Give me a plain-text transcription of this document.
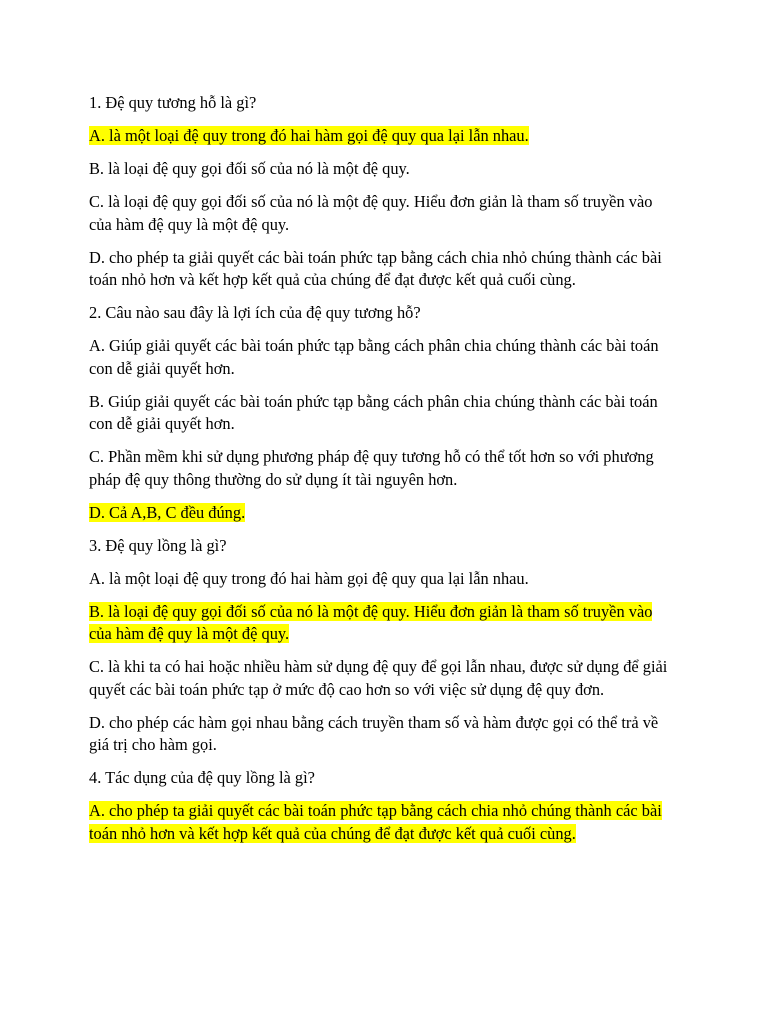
1. Đệ quy tương hỗ là gì?

A. là một loại đệ quy trong đó hai hàm gọi đệ quy qua lại lẫn nhau.

B. là loại đệ quy gọi đối số của nó là một đệ quy.

C. là loại đệ quy gọi đối số của nó là một đệ quy. Hiểu đơn giản là tham số truyền vào của hàm đệ quy là một đệ quy.

D. cho phép ta giải quyết các bài toán phức tạp bằng cách chia nhỏ chúng thành các bài toán nhỏ hơn và kết hợp kết quả của chúng để đạt được kết quả cuối cùng.

2. Câu nào sau đây là lợi ích của đệ quy tương hỗ?

A. Giúp giải quyết các bài toán phức tạp bằng cách phân chia chúng thành các bài toán con dễ giải quyết hơn.

B. Giúp giải quyết các bài toán phức tạp bằng cách phân chia chúng thành các bài toán con dễ giải quyết hơn.

C. Phần mềm khi sử dụng phương pháp đệ quy tương hỗ có thể tốt hơn so với phương pháp đệ quy thông thường do sử dụng ít tài nguyên hơn.

D. Cả A,B, C đều đúng.

3. Đệ quy lồng là gì?

A. là một loại đệ quy trong đó hai hàm gọi đệ quy qua lại lẫn nhau.

B. là loại đệ quy gọi đối số của nó là một đệ quy. Hiểu đơn giản là tham số truyền vào của hàm đệ quy là một đệ quy.

C. là khi ta có hai hoặc nhiều hàm sử dụng đệ quy để gọi lẫn nhau, được sử dụng để giải quyết các bài toán phức tạp ở mức độ cao hơn so với việc sử dụng đệ quy đơn.

D. cho phép các hàm gọi nhau bằng cách truyền tham số và hàm được gọi có thể trả về giá trị cho hàm gọi.

4. Tác dụng của đệ quy lồng là gì?

A. cho phép ta giải quyết các bài toán phức tạp bằng cách chia nhỏ chúng thành các bài toán nhỏ hơn và kết hợp kết quả của chúng để đạt được kết quả cuối cùng.
